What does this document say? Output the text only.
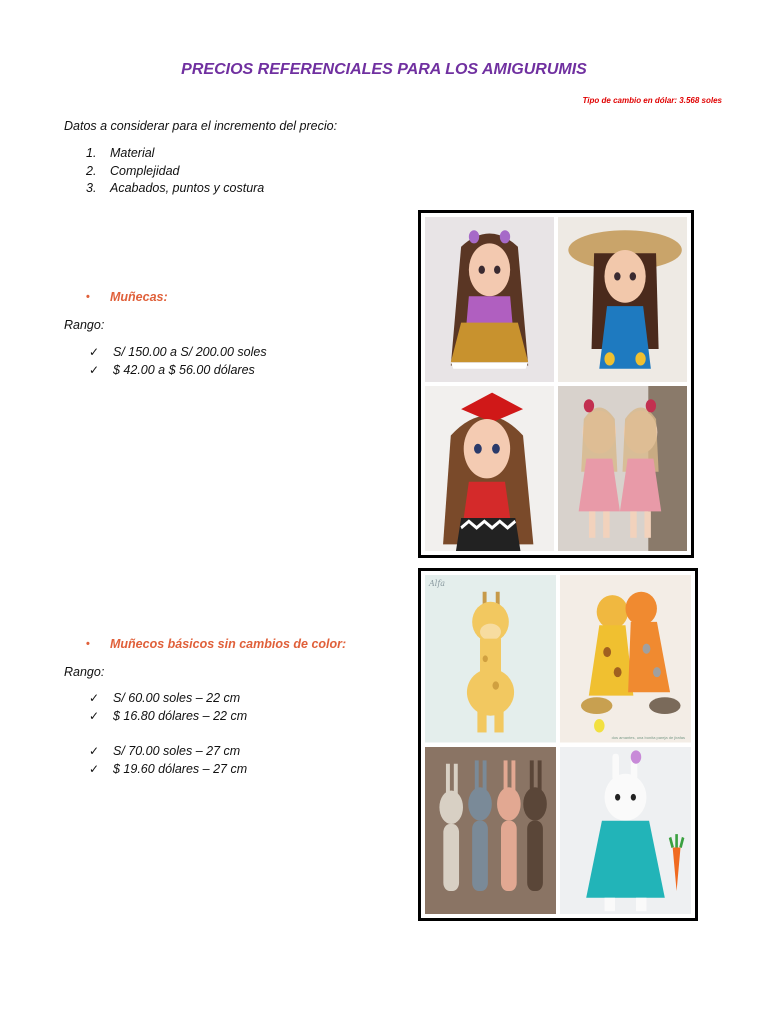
PRECIOS REFERENCIALES PARA LOS AMIGURUMIS
Tipo de cambio en dólar: 3.568 soles
Datos a considerar para el incremento del precio:
1.	Material
2.	Complejidad
3.	Acabados, puntos y costura
•	Muñecas:
Rango:
✓	S/ 150.00 a S/ 200.00 soles
✓	$ 42.00 a $ 56.00 dólares
•	Muñecos básicos sin cambios de color:
Rango:
✓	S/ 60.00 soles – 22 cm
✓	$ 16.80 dólares – 22 cm
✓	S/ 70.00 soles – 27 cm
✓	$ 19.60 dólares – 27 cm
Alfa
dos amantes, una bonita pareja de jirafas
